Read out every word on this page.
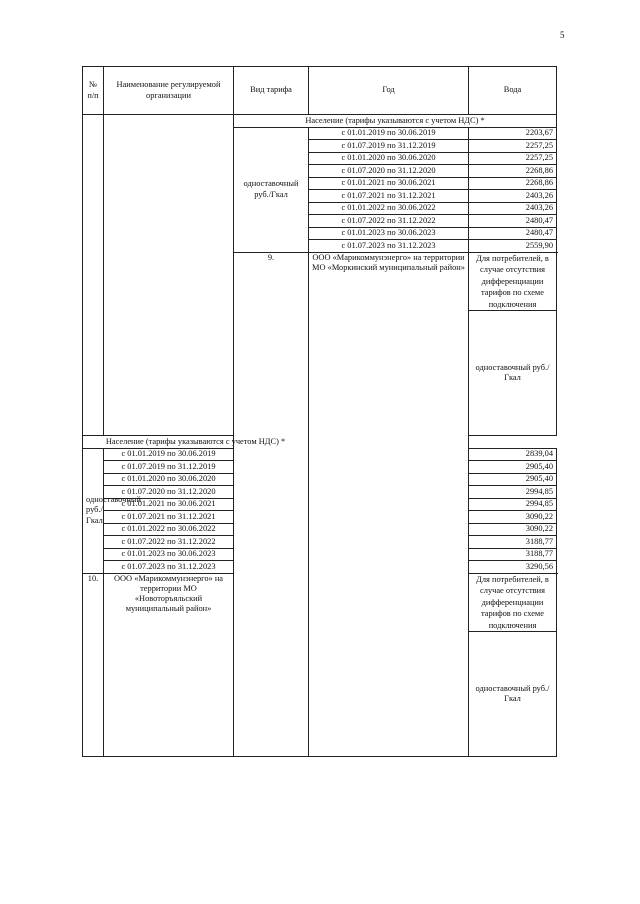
5
№ п/п	Наименование регулируемой организации	Вид тарифа	Год	Вода	
		Население (тарифы указываются с учетом НДС) *			
		одноставочный руб./Гкал	с 01.01.2019 по 30.06.2019	2203,67	
			с 01.07.2019 по 31.12.2019	2257,25	
			с 01.01.2020 по 30.06.2020	2257,25	
			с 01.07.2020 по 31.12.2020	2268,86	
			с 01.01.2021 по 30.06.2021	2268,86	
			с 01.07.2021 по 31.12.2021	2403,26	
			с 01.01.2022 по 30.06.2022	2403,26	
			с 01.07.2022 по 31.12.2022	2480,47	
			с 01.01.2023 по 30.06.2023	2480,47	
			с 01.07.2023 по 31.12.2023	2559,90	
		9.	ООО «Марикоммунэнерго» на территории МО «Моркинский муниципальный район»	Для потребителей, в случае отсутствия дифференциации тарифов по схеме подключения	
				одноставочный руб./Гкал		

Население (тарифы указываются с учетом НДС) *					
одноставочный руб./Гкал	с 01.01.2019 по 30.06.2019			2839,04	
	с 01.07.2019 по 31.12.2019			2905,40	
	с 01.01.2020 по 30.06.2020			2905,40	
	с 01.07.2020 по 31.12.2020			2994,85	
	с 01.01.2021 по 30.06.2021			2994,85	
	с 01.07.2021 по 31.12.2021			3090,22	
	с 01.01.2022 по 30.06.2022			3090,22	
	с 01.07.2022 по 31.12.2022			3188,77	
	с 01.01.2023 по 30.06.2023			3188,77	
	с 01.07.2023 по 31.12.2023			3290,56	
10.	ООО «Марикоммунэнерго» на территории МО «Новоторъяльский муниципальный район»			Для потребителей, в случае отсутствия дифференциации тарифов по схеме подключения	
				одноставочный руб./Гкал		
